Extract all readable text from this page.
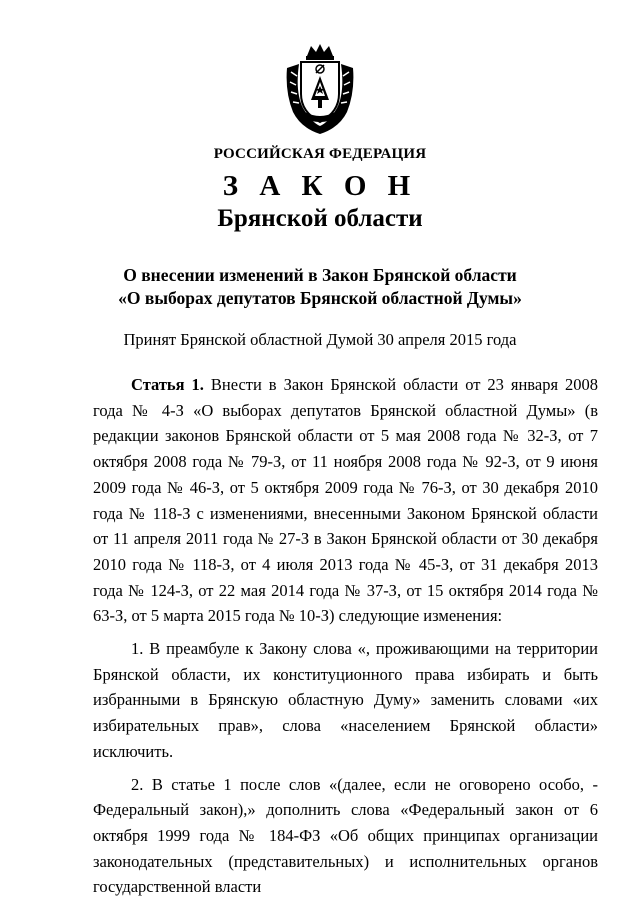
РОССИЙСКАЯ ФЕДЕРАЦИЯ
З А К О Н
Брянской области
О внесении изменений в Закон Брянской области
«О выборах депутатов Брянской областной Думы»
Принят Брянской областной Думой 30 апреля 2015 года

Статья 1. Внести в Закон Брянской области от 23 января 2008 года № 4-З «О выборах депутатов Брянской областной Думы» (в редакции законов Брянской области от 5 мая 2008 года № 32-З, от 7 октября 2008 года № 79-З, от 11 ноября 2008 года № 92-З, от 9 июня 2009 года № 46-З, от 5 октября 2009 года № 76-З, от 30 декабря 2010 года № 118-З с изменениями, внесенными Законом Брянской области от 11 апреля 2011 года № 27-З в Закон Брянской области от 30 декабря 2010 года № 118-З, от 4 июля 2013 года № 45-З, от 31 декабря 2013 года № 124-З, от 22 мая 2014 года № 37-З, от 15 октября 2014 года № 63-З, от 5 марта 2015 года № 10-З) следующие изменения:

1. В преамбуле к Закону слова «, проживающими на территории Брянской области, их конституционного права избирать и быть избранными в Брянскую областную Думу» заменить словами «их избирательных прав», слова «населением Брянской области» исключить.

2. В статье 1 после слов «(далее, если не оговорено особо, - Федеральный закон),» дополнить слова «Федеральный закон от 6 октября 1999 года № 184-ФЗ «Об общих принципах организации законодательных (представительных) и исполнительных органов государственной власти
